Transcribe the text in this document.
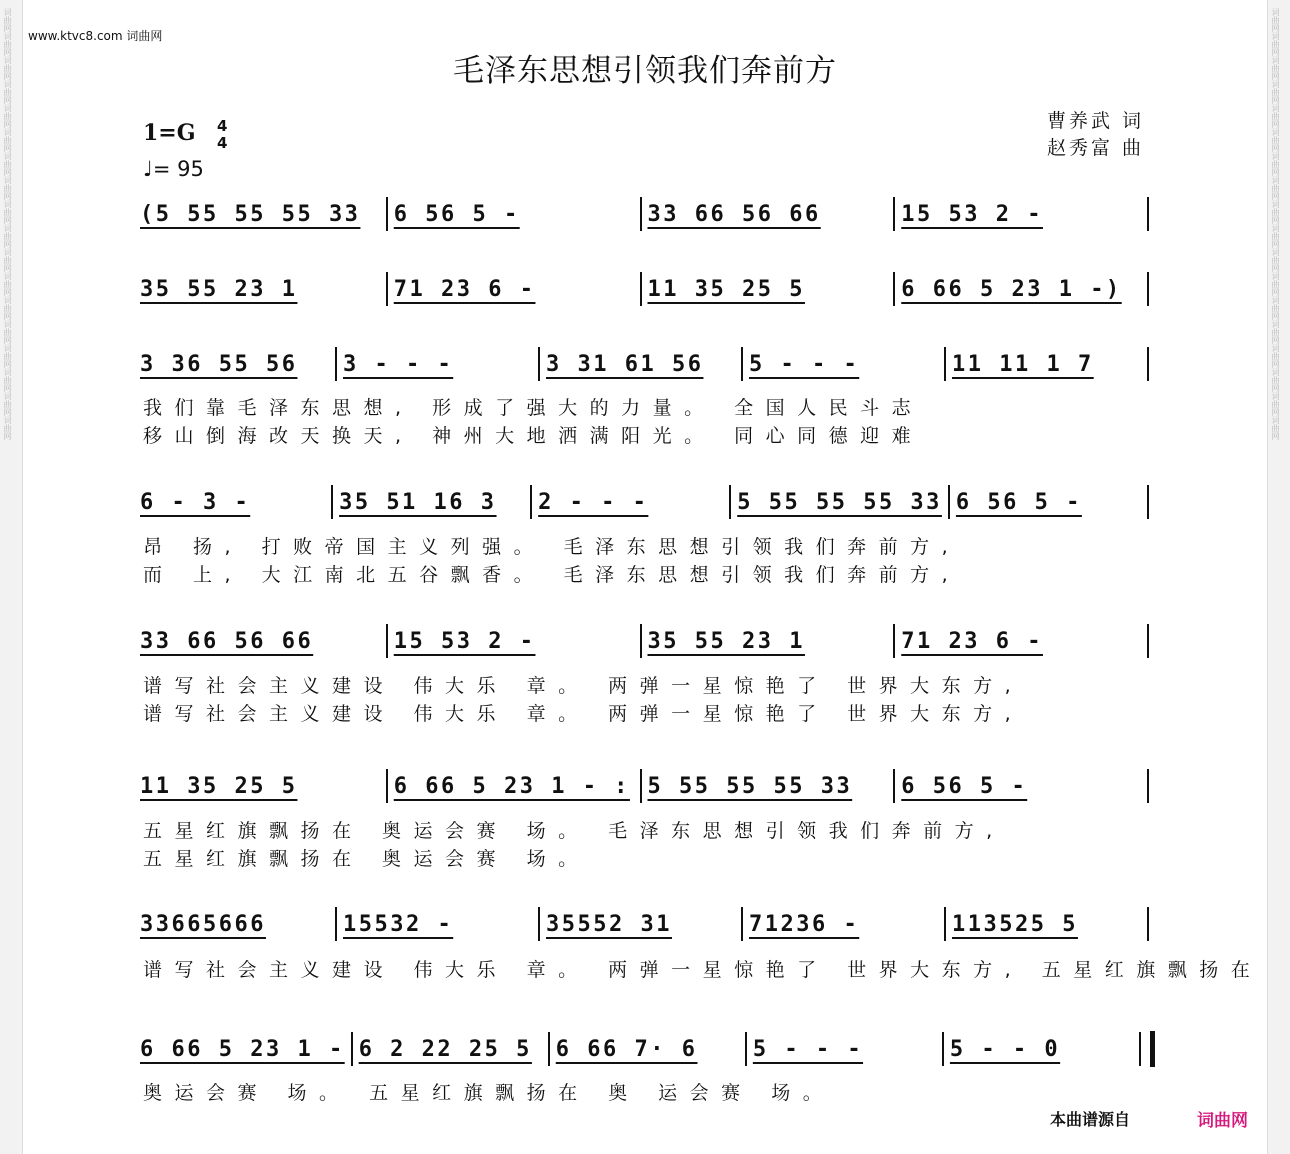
词曲网词曲网词曲网词曲网词曲网词曲网词曲网词曲网词曲网词曲网词曲网词曲网词曲网词曲网词曲网词曲网词曲网词曲网	词曲网词曲网词曲网词曲网词曲网词曲网词曲网词曲网词曲网词曲网词曲网词曲网词曲网词曲网词曲网词曲网词曲网词曲网
www.ktvc8.com 词曲网
毛泽东思想引领我们奔前方
1=G 4
4
♩= 95
曹养武 词
赵秀富 曲
(5 55 55 55 33	6 56 5 -	33 66 56 66	15 53 2 -
35 55 23 1	71 23 6 -	11 35 25 5	6 66 5 23 1 -)
3 36 55 56	3 - - -	3 31 61 56	5 - - -	11 11 1 7
6 - 3 -	35 51 16 3	2 - - -	5 55 55 55 33 6 56 5 -
33 66 56 66	15 53 2 -	35 55 23 1	71 23 6 -
11 35 25 5	6 66 5 23 1 - : 5 55 55 55 33	6 56 5 -
33665666	15532 -	35552 31	71236 -	113525 5
6 66 5 23 1 - 6 2 22 25 5	6 66 7· 6	5 - - -	5 - - 0
我们靠毛泽东思想, 形成了强大的力量。 全国人民斗志
移山倒海改天换天, 神州大地洒满阳光。 同心同德迎难
昂 扬, 打败帝国主义列强。 毛泽东思想引领我们奔前方,
而 上, 大江南北五谷飘香。 毛泽东思想引领我们奔前方,
谱写社会主义建设 伟大乐 章。 两弹一星惊艳了 世界大东方,
谱写社会主义建设 伟大乐 章。 两弹一星惊艳了 世界大东方,
五星红旗飘扬在 奥运会赛 场。 毛泽东思想引领我们奔前方,
五星红旗飘扬在 奥运会赛 场。
谱写社会主义建设 伟大乐 章。 两弹一星惊艳了 世界大东方, 五星红旗飘扬在
奥运会赛 场。 五星红旗飘扬在 奥 运会赛 场。
本曲谱源自	词曲网
